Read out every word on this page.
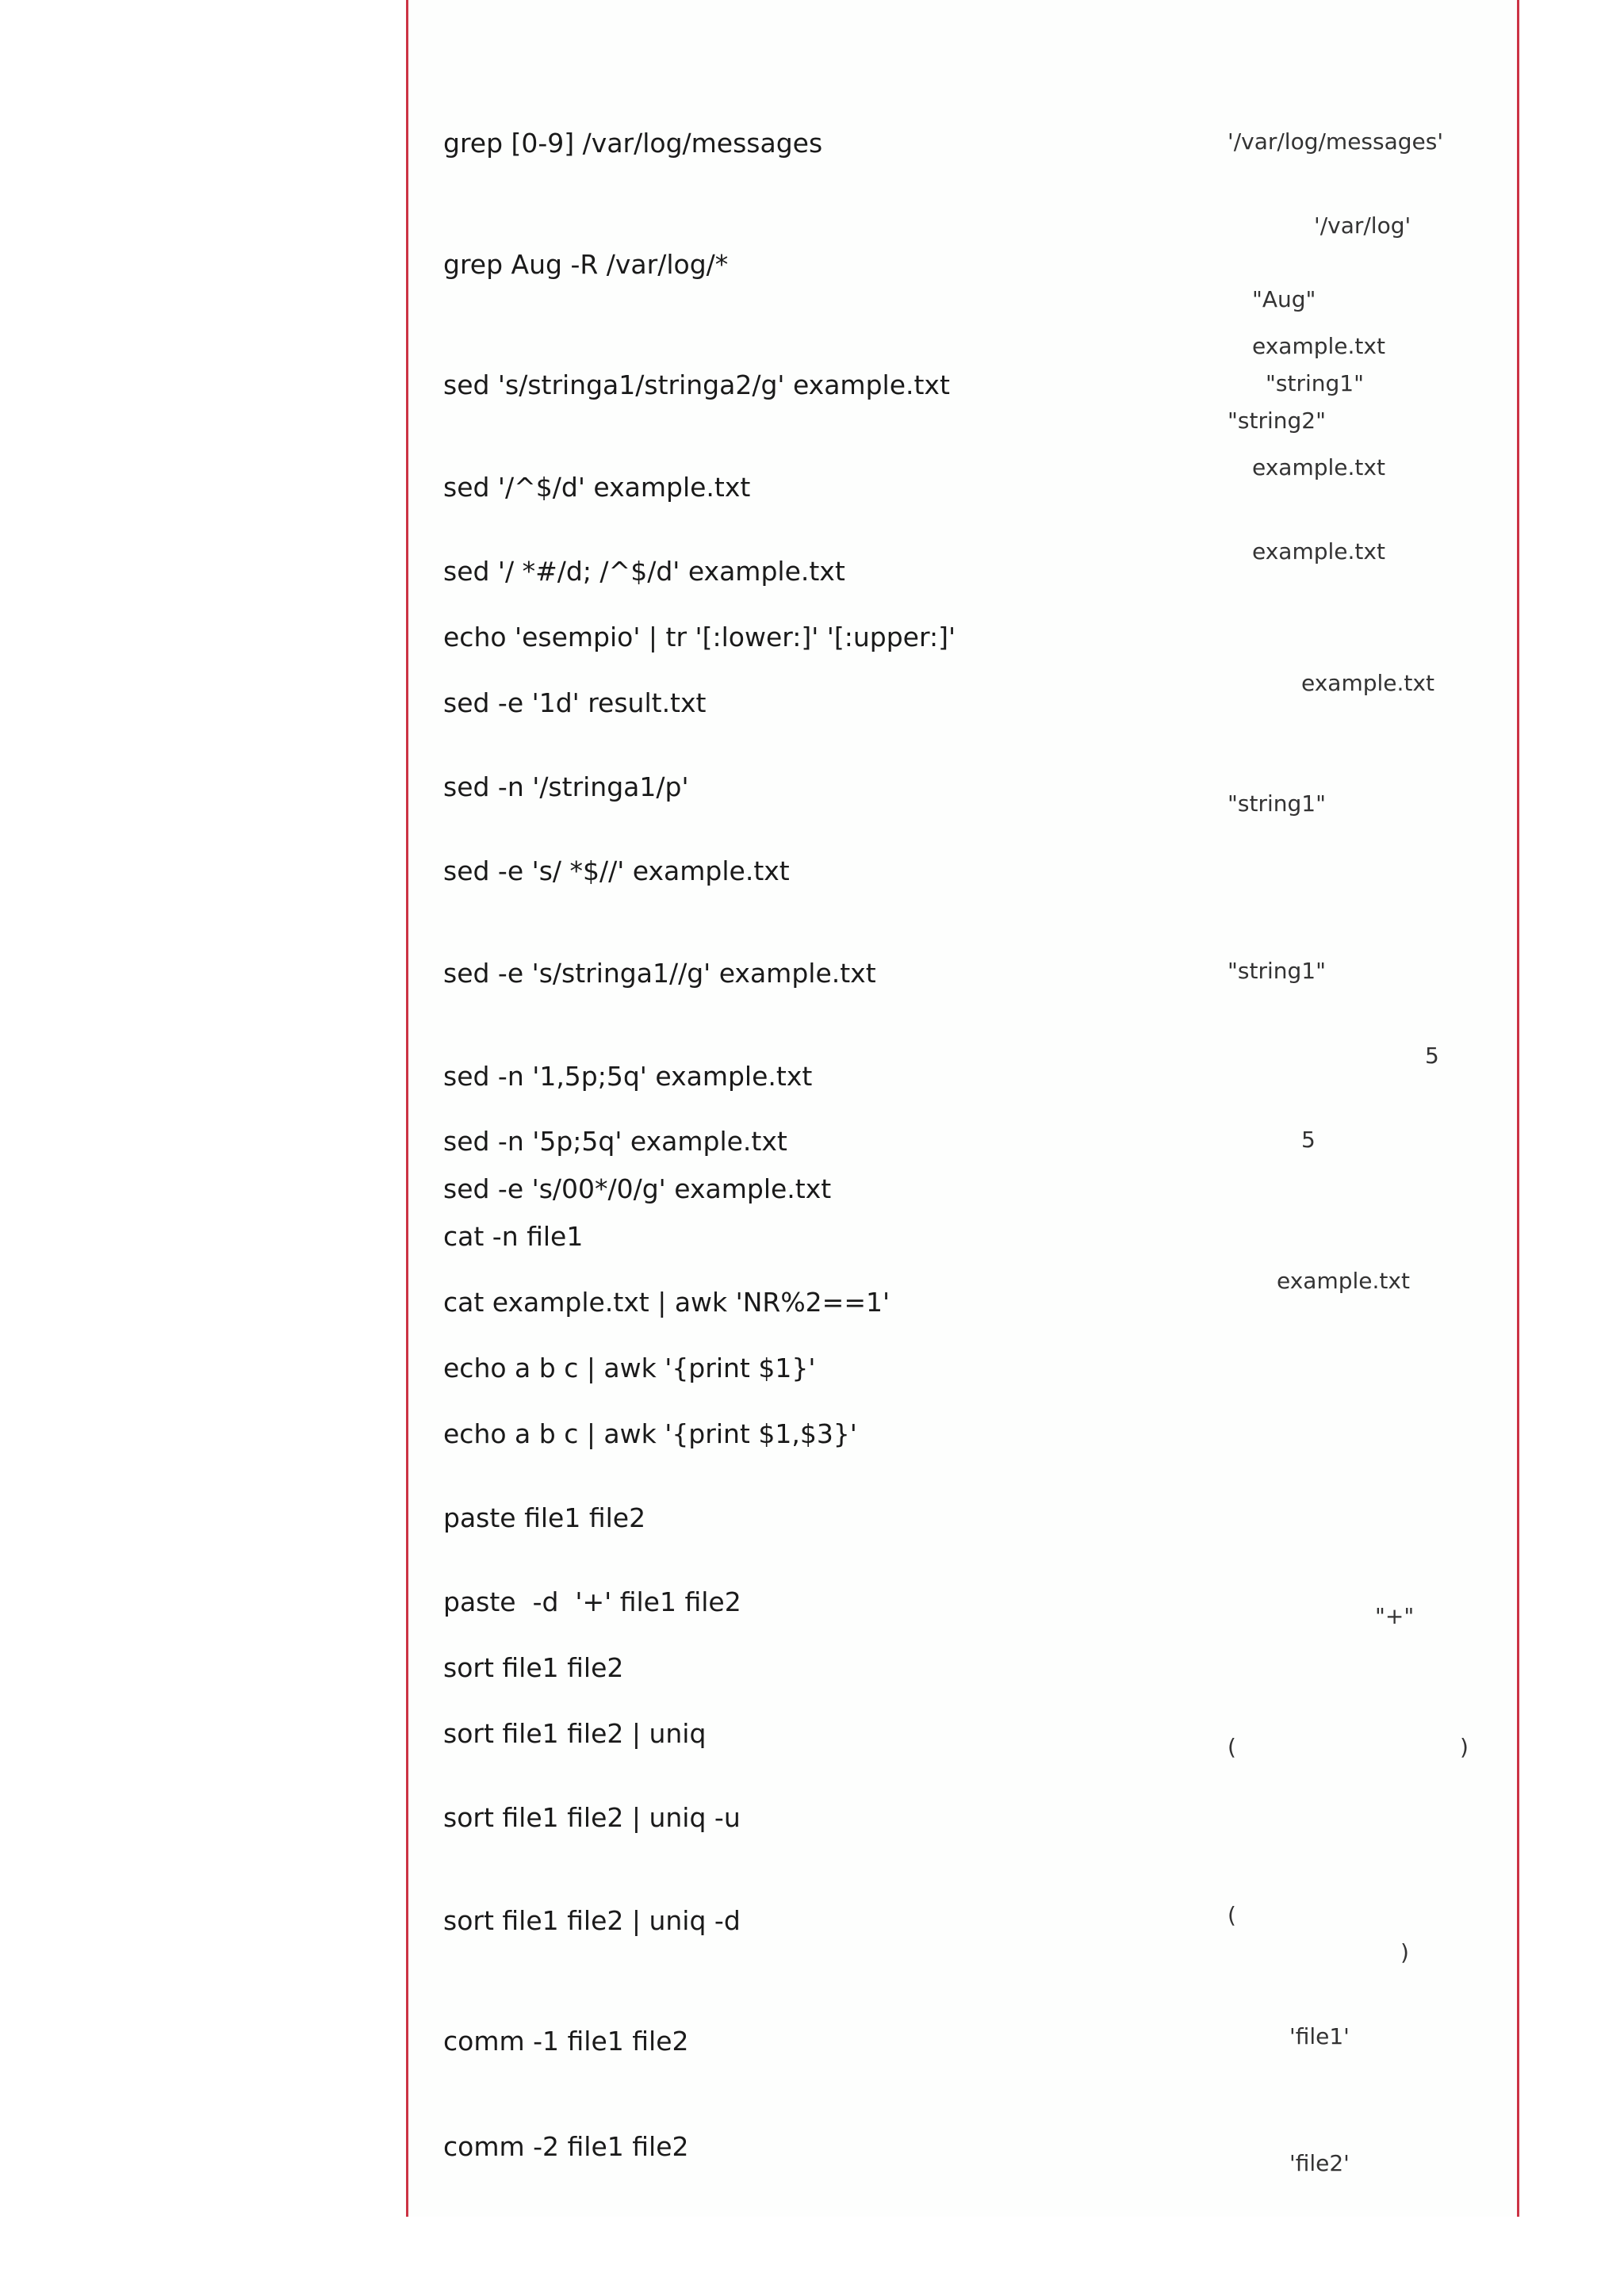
grep [0-9] /var/log/messages
grep Aug -R /var/log/*
sed 's/stringa1/stringa2/g' example.txt
sed '/^$/d' example.txt
sed '/ *#/d; /^$/d' example.txt
echo 'esempio' | tr '[:lower:]' '[:upper:]'
sed -e '1d' result.txt
sed -n '/stringa1/p'
sed -e 's/ *$//' example.txt
sed -e 's/stringa1//g' example.txt
sed -n '1,5p;5q' example.txt
sed -n '5p;5q' example.txt
sed -e 's/00*/0/g' example.txt
cat -n file1
cat example.txt | awk 'NR%2==1'
echo a b c | awk '{print $1}'
echo a b c | awk '{print $1,$3}'
paste file1 file2
paste  -d  '+' file1 file2
sort file1 file2
sort file1 file2 | uniq
sort file1 file2 | uniq -u
sort file1 file2 | uniq -d
comm -1 file1 file2
comm -2 file1 file2
'/var/log/messages'
'/var/log'
"Aug"
example.txt
"string1"
"string2"
example.txt
example.txt
example.txt
"string1"
"string1"
5
5
example.txt
"+"
(	)
(
)
'file1'
'file2'
